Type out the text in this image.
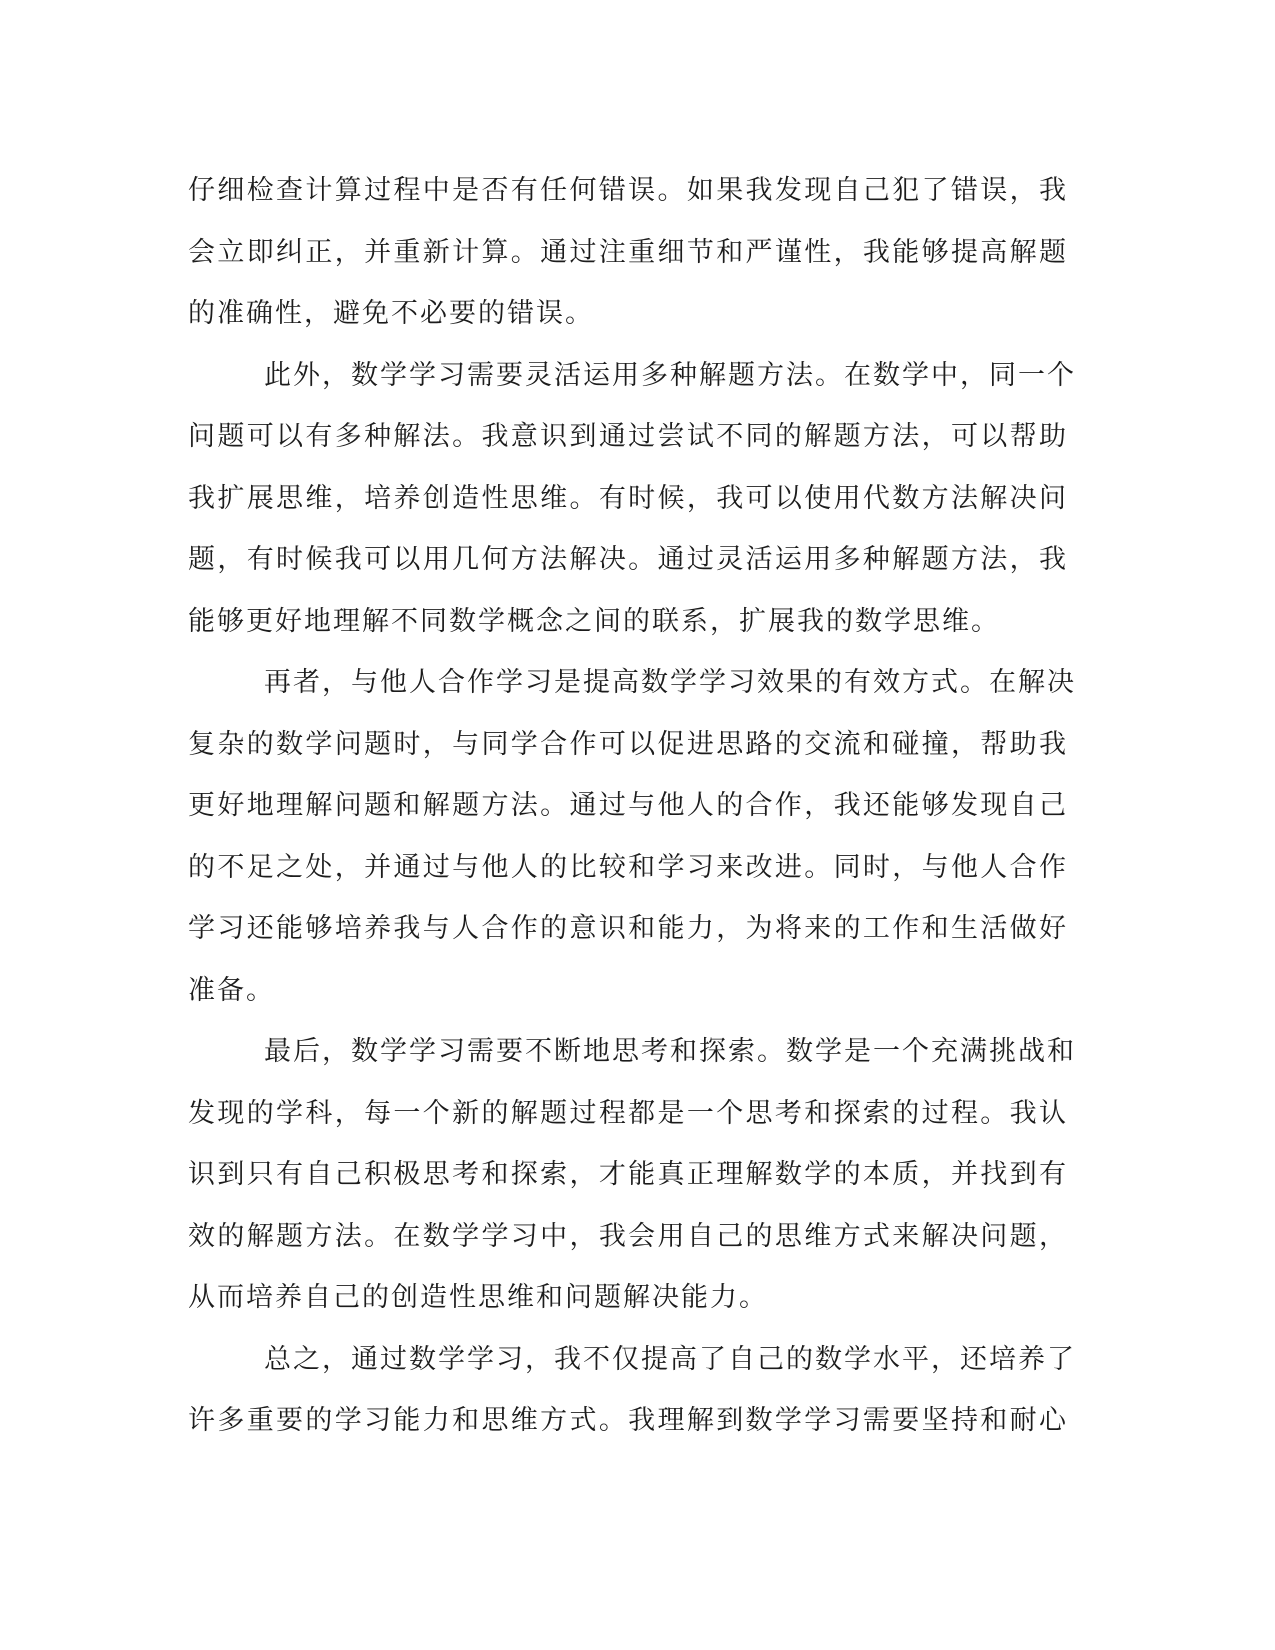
仔细检查计算过程中是否有任何错误。如果我发现自己犯了错误，我
会立即纠正，并重新计算。通过注重细节和严谨性，我能够提高解题
的准确性，避免不必要的错误。
此外，数学学习需要灵活运用多种解题方法。在数学中，同一个
问题可以有多种解法。我意识到通过尝试不同的解题方法，可以帮助
我扩展思维，培养创造性思维。有时候，我可以使用代数方法解决问
题，有时候我可以用几何方法解决。通过灵活运用多种解题方法，我
能够更好地理解不同数学概念之间的联系，扩展我的数学思维。
再者，与他人合作学习是提高数学学习效果的有效方式。在解决
复杂的数学问题时，与同学合作可以促进思路的交流和碰撞，帮助我
更好地理解问题和解题方法。通过与他人的合作，我还能够发现自己
的不足之处，并通过与他人的比较和学习来改进。同时，与他人合作
学习还能够培养我与人合作的意识和能力，为将来的工作和生活做好
准备。
最后，数学学习需要不断地思考和探索。数学是一个充满挑战和
发现的学科，每一个新的解题过程都是一个思考和探索的过程。我认
识到只有自己积极思考和探索，才能真正理解数学的本质，并找到有
效的解题方法。在数学学习中，我会用自己的思维方式来解决问题，
从而培养自己的创造性思维和问题解决能力。
总之，通过数学学习，我不仅提高了自己的数学水平，还培养了
许多重要的学习能力和思维方式。我理解到数学学习需要坚持和耐心
